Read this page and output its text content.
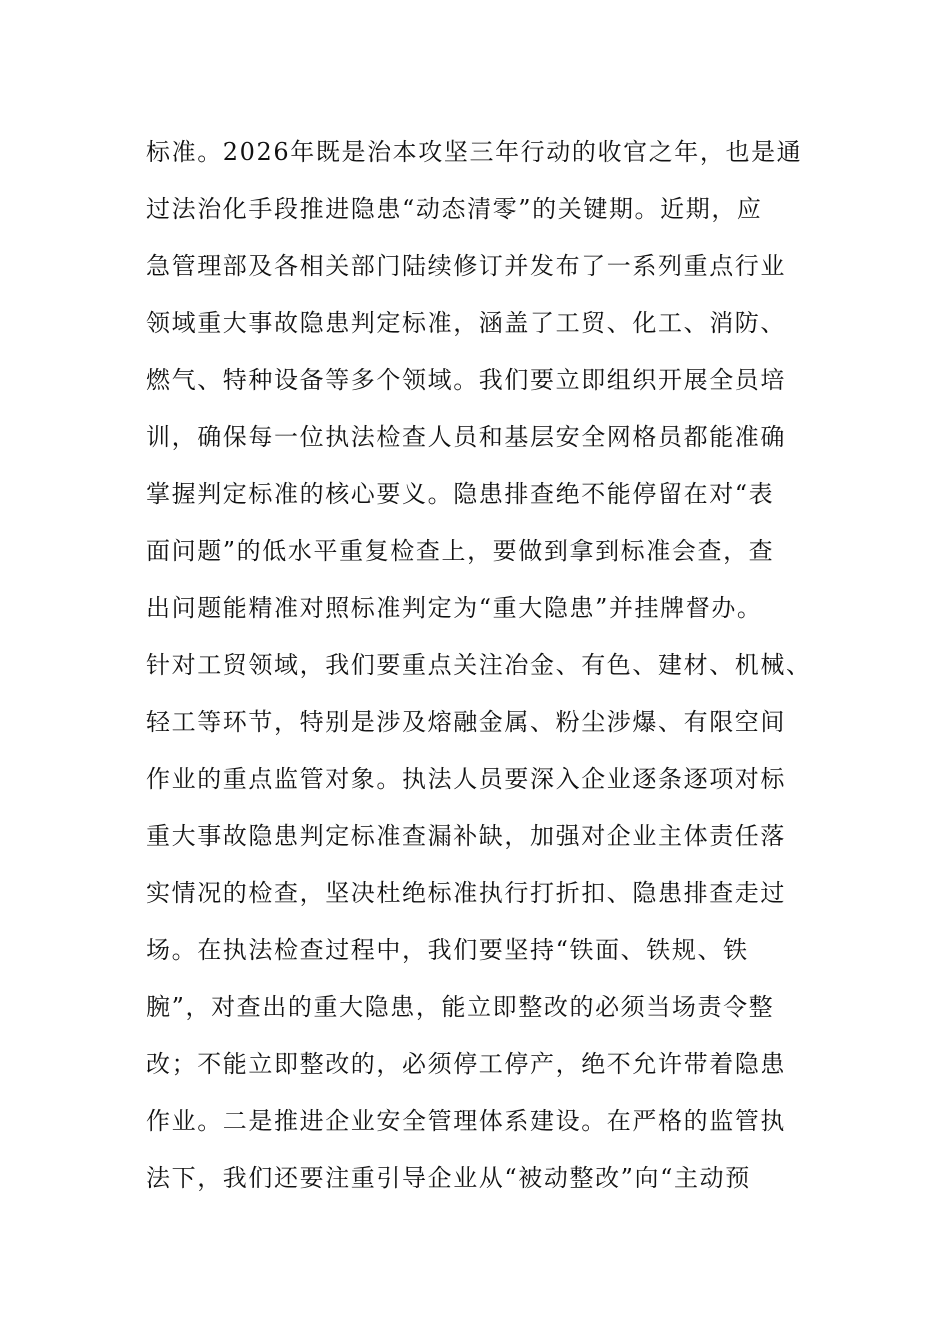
标准。2026年既是治本攻坚三年行动的收官之年，也是通
过法治化手段推进隐患“动态清零”的关键期。近期，应
急管理部及各相关部门陆续修订并发布了一系列重点行业
领域重大事故隐患判定标准，涵盖了工贸、化工、消防、
燃气、特种设备等多个领域。我们要立即组织开展全员培
训，确保每一位执法检查人员和基层安全网格员都能准确
掌握判定标准的核心要义。隐患排查绝不能停留在对“表
面问题”的低水平重复检查上，要做到拿到标准会查，查
出问题能精准对照标准判定为“重大隐患”并挂牌督办。
针对工贸领域，我们要重点关注冶金、有色、建材、机械、
轻工等环节，特别是涉及熔融金属、粉尘涉爆、有限空间
作业的重点监管对象。执法人员要深入企业逐条逐项对标
重大事故隐患判定标准查漏补缺，加强对企业主体责任落
实情况的检查，坚决杜绝标准执行打折扣、隐患排查走过
场。在执法检查过程中，我们要坚持“铁面、铁规、铁
腕”，对查出的重大隐患，能立即整改的必须当场责令整
改；不能立即整改的，必须停工停产，绝不允许带着隐患
作业。二是推进企业安全管理体系建设。在严格的监管执
法下，我们还要注重引导企业从“被动整改”向“主动预
